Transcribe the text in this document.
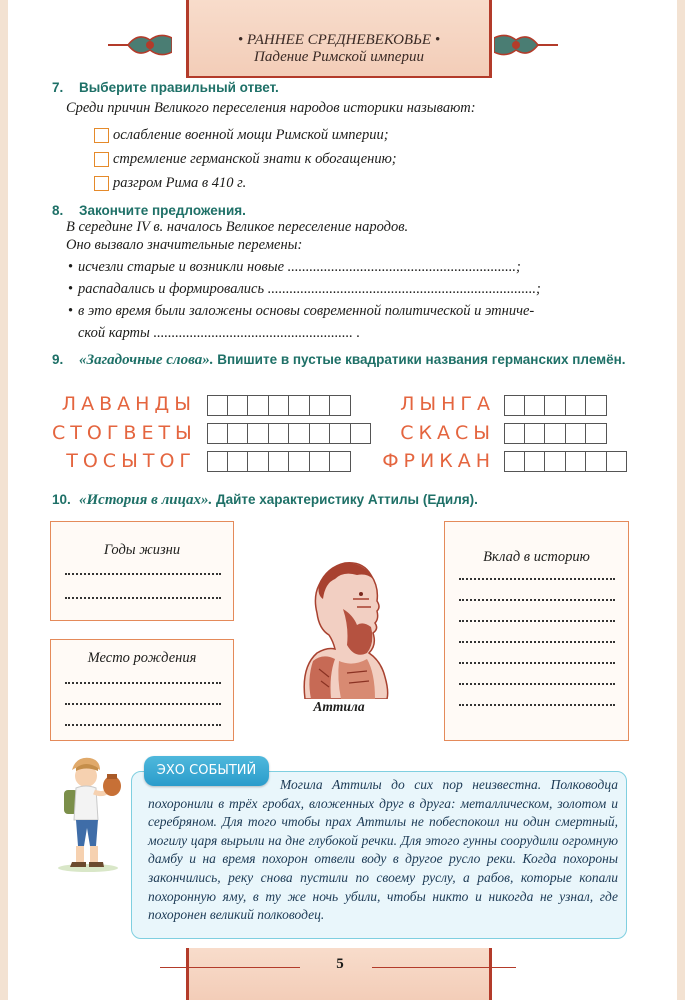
• РАННЕЕ СРЕДНЕВЕКОВЬЕ •
Падение Римской империи
7. Выберите правильный ответ.
Среди причин Великого переселения народов историки называют:
ослабление военной мощи Римской империи;
стремление германской знати к обогащению;
разгром Рима в 410 г.
8. Закончите предложения.
В середине IV в. началось Великое переселение народов.
Оно вызвало значительные перемены:
• исчезли старые и возникли новые ...............................................................;
• распадались и формировались ..........................................................................;
• в это время были заложены основы современной политической и этниче-
ской карты ....................................................... .
9. «Загадочные слова». Впишите в пустые квадратики названия германских племён.
ЛАВАНДЫ
СТОГВЕТЫ
ТОСЫТОГ
ЛЫНГА
СКАСЫ
ФРИКАН
10. «История в лицах». Дайте характеристику Аттилы (Едиля).
Годы жизни
Место рождения
Вклад в историю
Аттила
ЭХО СОБЫТИЙ
Могила Аттилы до сих пор неизвестна. Полководца похоронили в трёх гробах, вложенных друг в друга: металлическом, золотом и серебряном. Для того чтобы прах Аттилы не побеспокоил ни один смертный, могилу царя вырыли на дне глубокой речки. Для этого гунны соорудили огромную дамбу и на время похорон отвели воду в другое русло реки. Когда похороны закончились, реку снова пустили по своему руслу, а рабов, которые копали похоронную яму, в ту же ночь убили, чтобы никто и никогда не узнал, где похоронен великий полководец.
5
